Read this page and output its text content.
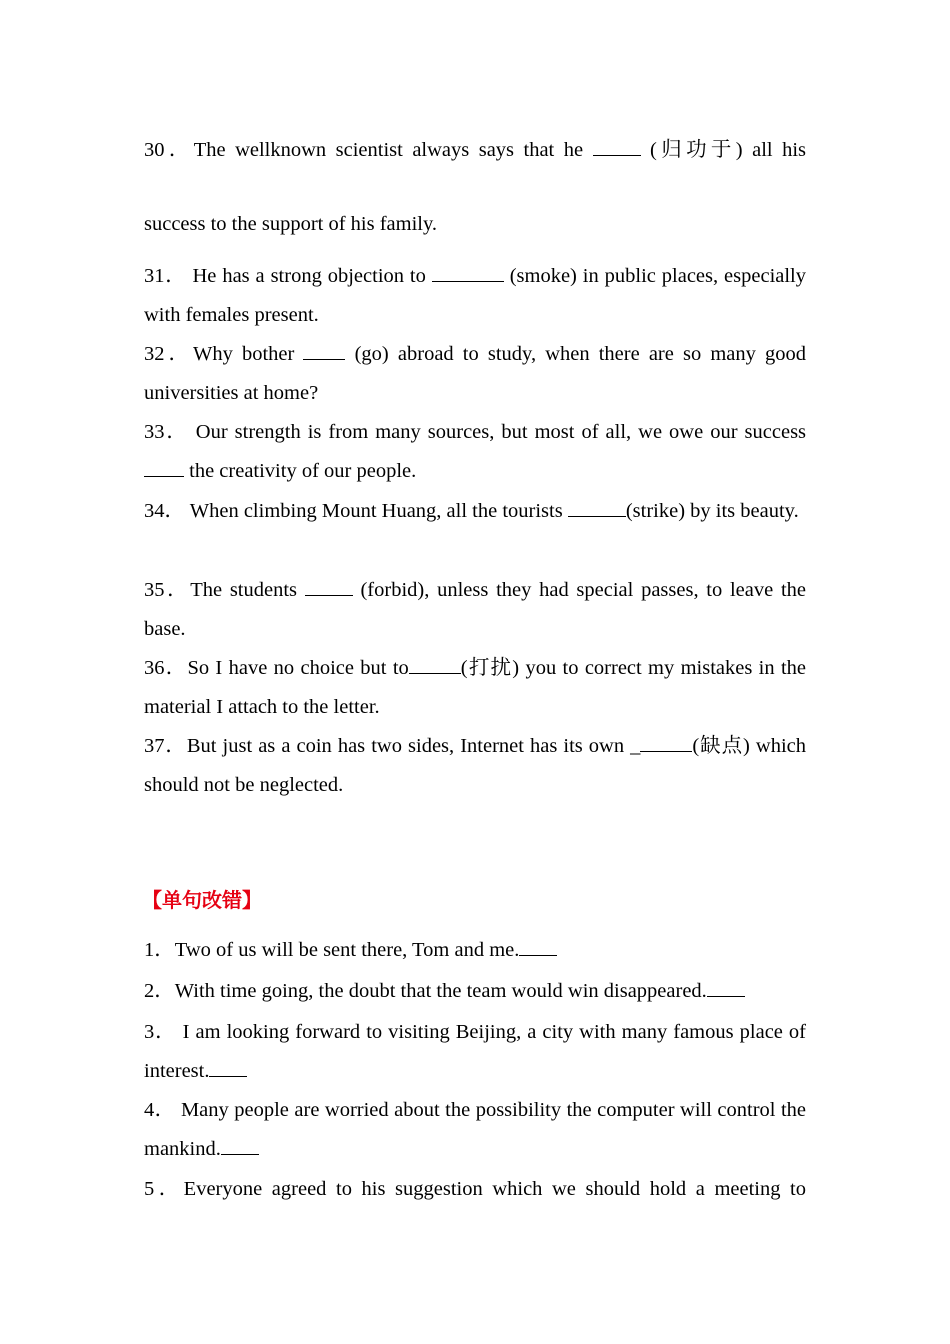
30．The wellknown scientist always says that he  (归功于) all his
success to the support of his family.
31． He has a strong objection to	(smoke) in public places, especially with females present.
32．Why bother  (go) abroad to study, when there are so many good universities at home?
33． Our strength is from many sources, but most of all, we owe our success  the creativity of our people.
34． When climbing Mount Huang, all the tourists	(strike) by its beauty.
35．The students  (forbid), unless they had special passes, to leave the base.
36．So I have no choice but to	(打扰) you to correct my mistakes in the material I attach to the letter.
37．But just as a coin has two sides, Internet has its own _	(缺点) which should not be neglected.
【单句改错】
1．Two of us will be sent there, Tom and me.
2．With time going, the doubt that the team would win disappeared.
3． I am looking forward to visiting Beijing, a city with many famous place of interest.
4． Many people are worried about the possibility the computer will control the mankind.
5．Everyone agreed to his suggestion which we should hold a meeting to
